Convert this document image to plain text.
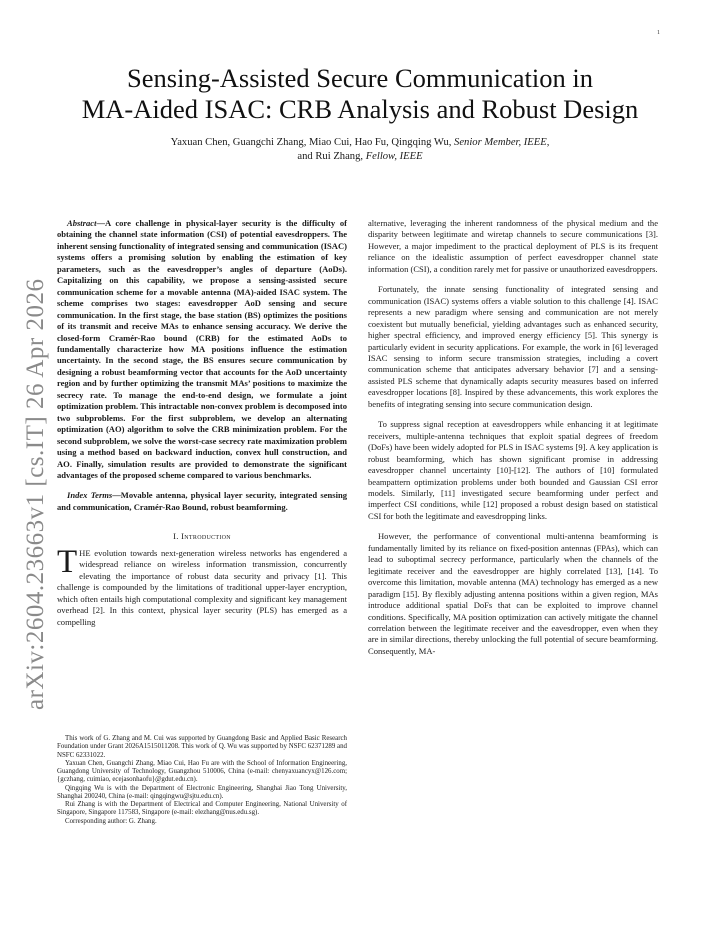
1
arXiv:2604.23663v1 [cs.IT] 26 Apr 2026
Sensing-Assisted Secure Communication in
MA-Aided ISAC: CRB Analysis and Robust Design
Yaxuan Chen, Guangchi Zhang, Miao Cui, Hao Fu, Qingqing Wu, Senior Member, IEEE,
and Rui Zhang, Fellow, IEEE

Abstract—A core challenge in physical-layer security is the difficulty of obtaining the channel state information (CSI) of potential eavesdroppers. The inherent sensing functionality of integrated sensing and communication (ISAC) systems offers a promising solution by enabling the estimation of key parameters, such as the eavesdropper’s angles of departure (AoDs). Capitalizing on this capability, we propose a sensing-assisted secure communication scheme for a movable antenna (MA)-aided ISAC system. The scheme comprises two stages: eavesdropper AoD sensing and secure communication. In the first stage, the base station (BS) optimizes the positions of its transmit and receive MAs to enhance sensing accuracy. We derive the closed-form Cramér-Rao bound (CRB) for the estimated AoDs to fundamentally characterize how MA positions influence the estimation uncertainty. In the second stage, the BS ensures secure communication by designing a robust beamforming vector that accounts for the AoD uncertainty region and by further optimizing the transmit MAs’ positions to maximize the secrecy rate. To manage the end-to-end design, we formulate a joint optimization problem. This intractable non-convex problem is decomposed into two subproblems. For the first subproblem, we develop an alternating optimization (AO) algorithm to solve the CRB minimization problem. For the second subproblem, we solve the worst-case secrecy rate maximization problem using a method based on backward induction, convex hull construction, and AO. Finally, simulation results are provided to demonstrate the significant advantages of the proposed scheme compared to various benchmarks.

Index Terms—Movable antenna, physical layer security, integrated sensing and communication, Cramér-Rao Bound, robust beamforming.

I. Introduction

THE evolution towards next-generation wireless networks has engendered a widespread reliance on wireless information transmission, concurrently elevating the importance of robust data security and privacy [1]. This challenge is compounded by the limitations of traditional upper-layer encryption, which often entails high computational complexity and significant key management overhead [2]. In this context, physical layer security (PLS) has emerged as a compelling

This work of G. Zhang and M. Cui was supported by Guangdong Basic and Applied Basic Research Foundation under Grant 2026A1515011208. This work of Q. Wu was supported by NSFC 62371289 and NSFC 62331022.

Yaxuan Chen, Guangchi Zhang, Miao Cui, Hao Fu are with the School of Information Engineering, Guangdong University of Technology, Guangzhou 510006, China (e-mail: chenyaxuancyx@126.com; {gczhang, cuimiao, ecejasonhaofu}@gdut.edu.cn).

Qingqing Wu is with the Department of Electronic Engineering, Shanghai Jiao Tong University, Shanghai 200240, China (e-mail: qingqingwu@sjtu.edu.cn).

Rui Zhang is with the Department of Electrical and Computer Engineering, National University of Singapore, Singapore 117583, Singapore (e-mail: elezhang@nus.edu.sg).

Corresponding author: G. Zhang.

alternative, leveraging the inherent randomness of the physical medium and the disparity between legitimate and wiretap channels to secure communications [3]. However, a major impediment to the practical deployment of PLS is its frequent reliance on the idealistic assumption of perfect eavesdropper channel state information (CSI), a condition rarely met for passive or unauthorized eavesdroppers.

Fortunately, the innate sensing functionality of integrated sensing and communication (ISAC) systems offers a viable solution to this challenge [4]. ISAC represents a new paradigm where sensing and communication are not merely coexistent but mutually beneficial, yielding advantages such as enhanced security, higher spectral efficiency, and improved energy efficiency [5]. This synergy is particularly evident in security applications. For example, the work in [6] leveraged ISAC sensing to inform secure transmission strategies, including a covert communication scheme that anticipates adversary behavior [7] and a sensing-assisted PLS scheme that dynamically adapts security measures based on inferred eavesdropper locations [8]. Inspired by these advancements, this work explores the benefits of integrating sensing into secure communication design.

To suppress signal reception at eavesdroppers while enhancing it at legitimate receivers, multiple-antenna techniques that exploit spatial degrees of freedom (DoFs) have been widely adopted for PLS in ISAC systems [9]. A key application is robust beamforming, which has shown significant promise in addressing eavesdropper channel uncertainty [10]-[12]. The authors of [10] formulated beampattern optimization problems under both bounded and Gaussian CSI error models. Similarly, [11] investigated secure beamforming under perfect and imperfect CSI conditions, while [12] proposed a robust design based on statistical CSI for both the legitimate and eavesdropping links.

However, the performance of conventional multi-antenna beamforming is fundamentally limited by its reliance on fixed-position antennas (FPAs), which can lead to suboptimal secrecy performance, particularly when the channels of the legitimate receiver and the eavesdropper are highly correlated [13], [14]. To overcome this limitation, movable antenna (MA) technology has emerged as a new paradigm [15]. By flexibly adjusting antenna positions within a given region, MAs introduce additional spatial DoFs that can be exploited to improve channel conditions. Specifically, MA position optimization can actively mitigate the channel correlation between the legitimate receiver and the eavesdropper, even when they are in similar directions, thereby unlocking the full potential of secure beamforming. Consequently, MA-
